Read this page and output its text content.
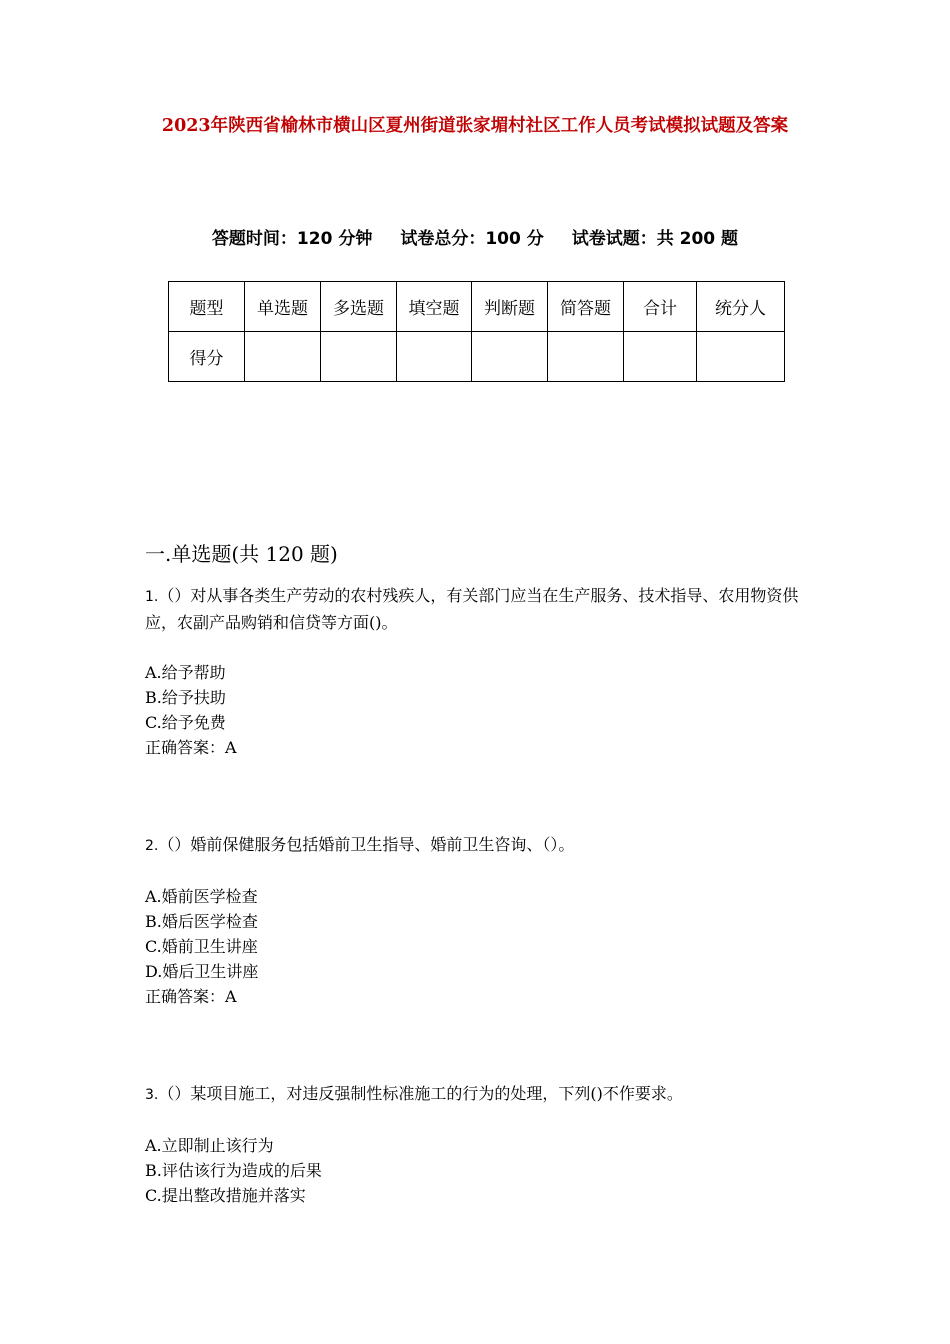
2023年陕西省榆林市横山区夏州街道张家堳村社区工作人员考试模拟试题及答案
答题时间：120 分钟 试卷总分：100 分 试卷试题：共 200 题
题型	单选题	多选题	填空题	判断题	简答题	合计	统分人
得分							
一.单选题(共 120 题)

1.（）对从事各类生产劳动的农村残疾人，有关部门应当在生产服务、技术指导、农用物资供应，农副产品购销和信贷等方面()。

A.给予帮助

B.给予扶助

C.给予免费

正确答案：A

2.（）婚前保健服务包括婚前卫生指导、婚前卫生咨询、（）。

A.婚前医学检查

B.婚后医学检查

C.婚前卫生讲座

D.婚后卫生讲座

正确答案：A

3.（）某项目施工，对违反强制性标准施工的行为的处理，下列()不作要求。

A.立即制止该行为

B.评估该行为造成的后果

C.提出整改措施并落实
